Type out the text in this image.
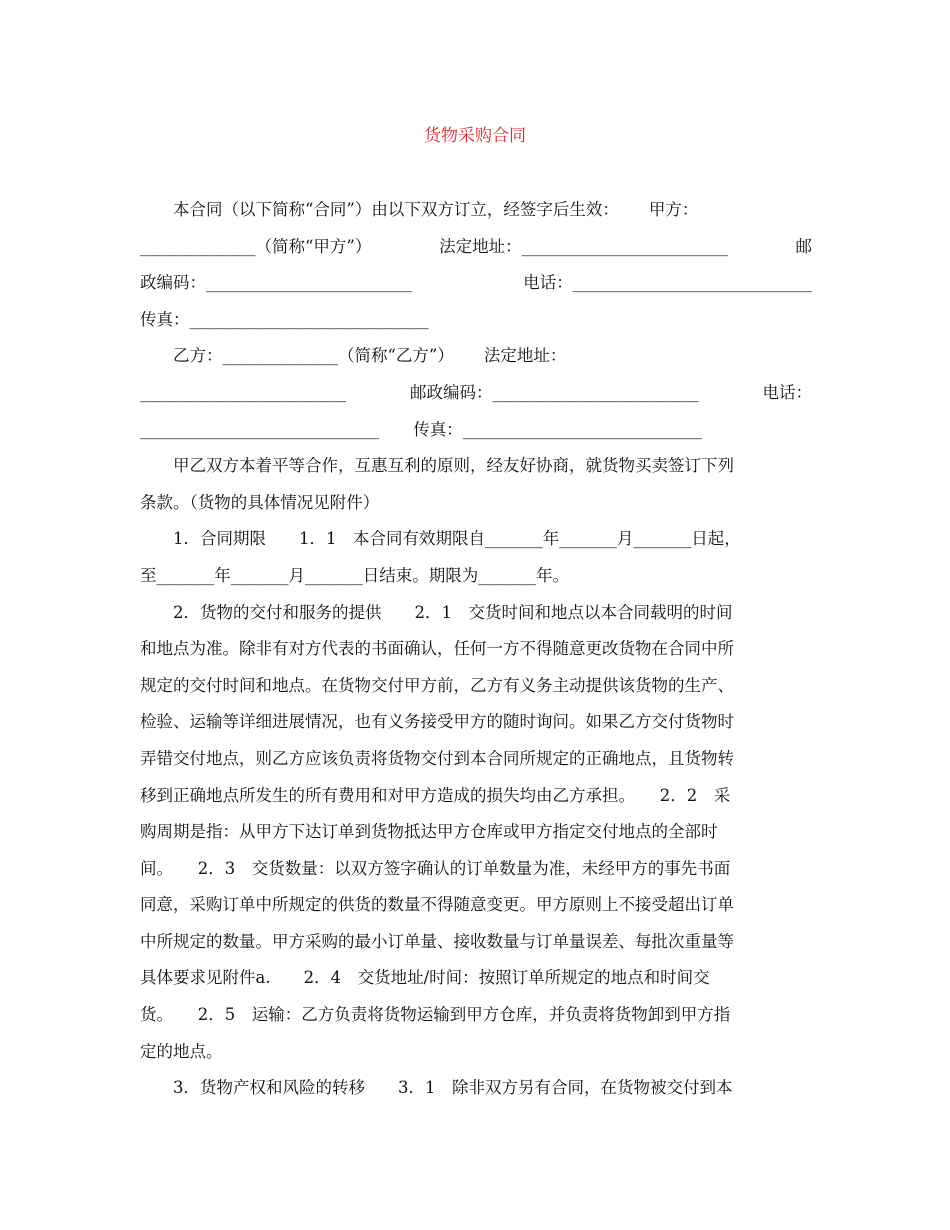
货物采购合同
本合同（以下简称“合同”）由以下双方订立，经签字后生效：　　 甲方：
______________（简称“甲方”）	法定地址：_________________________	邮
政编码：_________________________	电话：_____________________________
传真：_____________________________
乙方：______________（简称“乙方”）　　 法定地址：
_________________________	邮政编码：_________________________	电话：
_____________________________ 传真：_____________________________
甲乙双方本着平等合作，互惠互利的原则，经友好协商，就货物买卖签订下列
条款。（货物的具体情况见附件）
1．合同期限　　1．1　本合同有效期限自_______年_______月_______日起，
至_______年_______月_______日结束。期限为_______年。
2．货物的交付和服务的提供　　2．1　交货时间和地点以本合同载明的时间
和地点为准。除非有对方代表的书面确认，任何一方不得随意更改货物在合同中所
规定的交付时间和地点。在货物交付甲方前，乙方有义务主动提供该货物的生产、
检验、运输等详细进展情况，也有义务接受甲方的随时询问。如果乙方交付货物时
弄错交付地点，则乙方应该负责将货物交付到本合同所规定的正确地点，且货物转
移到正确地点所发生的所有费用和对甲方造成的损失均由乙方承担。　　2．2　采
购周期是指：从甲方下达订单到货物抵达甲方仓库或甲方指定交付地点的全部时
间。　　2．3　交货数量：以双方签字确认的订单数量为准，未经甲方的事先书面
同意，采购订单中所规定的供货的数量不得随意变更。甲方原则上不接受超出订单
中所规定的数量。甲方采购的最小订单量、接收数量与订单量误差、每批次重量等
具体要求见附件a.　　2．4　交货地址/时间：按照订单所规定的地点和时间交
货。　　2．5　运输：乙方负责将货物运输到甲方仓库，并负责将货物卸到甲方指
定的地点。
3．货物产权和风险的转移　　3．1　除非双方另有合同，在货物被交付到本
